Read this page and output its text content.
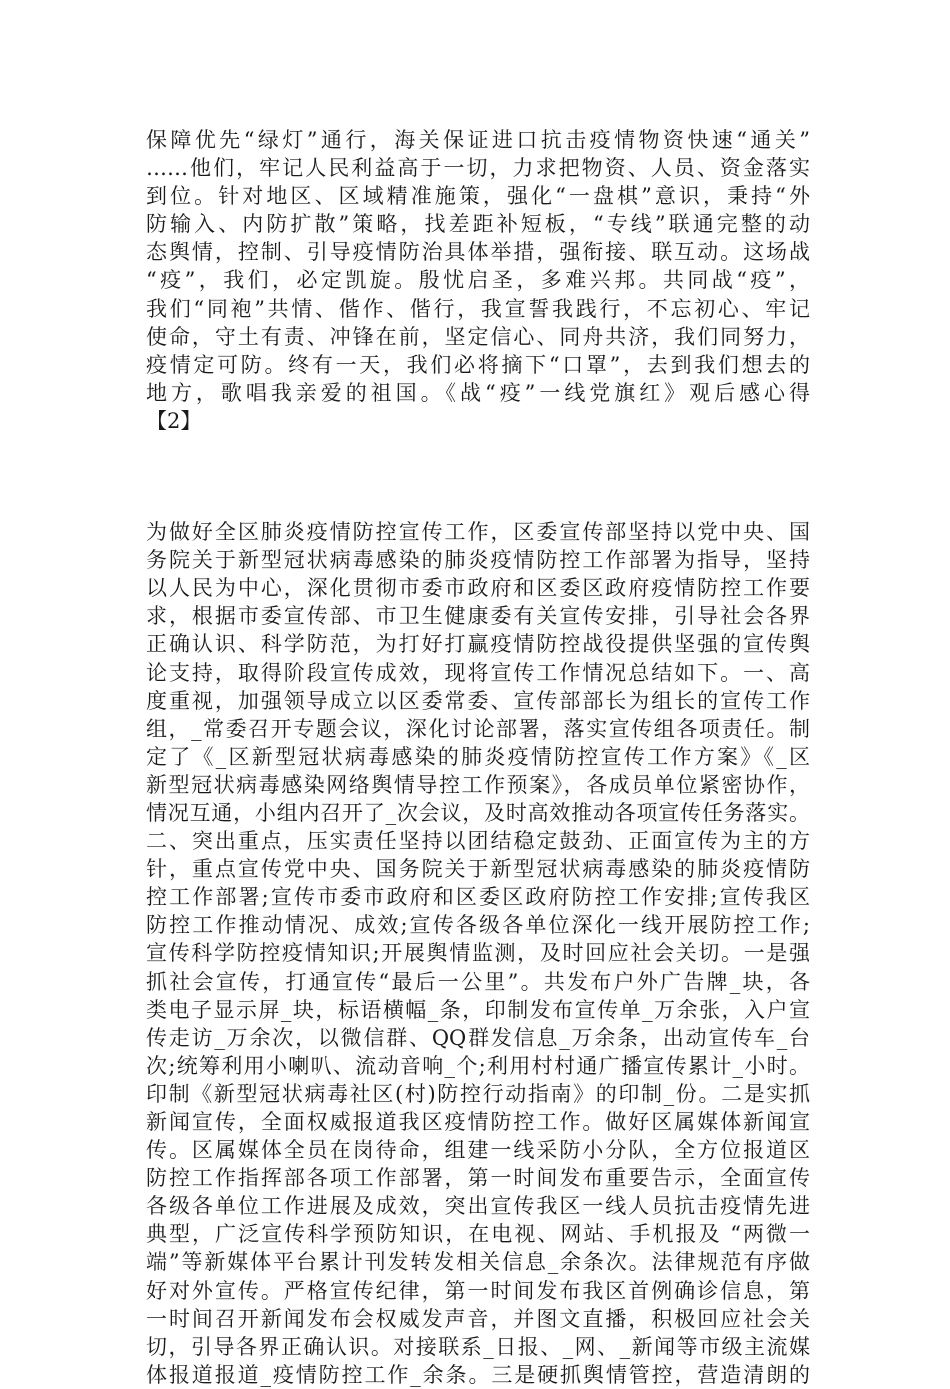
保障优先“绿灯”通行，海关保证进口抗击疫情物资快速“通关”
……他们，牢记人民利益高于一切，力求把物资、人员、资金落实
到位。针对地区、区域精准施策，强化“一盘棋”意识，秉持“外
防输入、内防扩散”策略，找差距补短板，“专线”联通完整的动
态舆情，控制、引导疫情防治具体举措，强衔接、联互动。这场战
“疫”，我们，必定凯旋。殷忧启圣，多难兴邦。共同战“疫”，
我们“同袍”共情、偕作、偕行，我宣誓我践行，不忘初心、牢记
使命，守土有责、冲锋在前，坚定信心、同舟共济，我们同努力，
疫情定可防。终有一天，我们必将摘下“口罩”，去到我们想去的
地方，歌唱我亲爱的祖国。《战“疫”一线党旗红》观后感心得
【2】
为做好全区肺炎疫情防控宣传工作，区委宣传部坚持以党中央、国
务院关于新型冠状病毒感染的肺炎疫情防控工作部署为指导，坚持
以人民为中心，深化贯彻市委市政府和区委区政府疫情防控工作要
求，根据市委宣传部、市卫生健康委有关宣传安排，引导社会各界
正确认识、科学防范，为打好打赢疫情防控战役提供坚强的宣传舆
论支持，取得阶段宣传成效，现将宣传工作情况总结如下。一、高
度重视，加强领导成立以区委常委、宣传部部长为组长的宣传工作
组，_常委召开专题会议，深化讨论部署，落实宣传组各项责任。制
定了《_区新型冠状病毒感染的肺炎疫情防控宣传工作方案》《_区
新型冠状病毒感染网络舆情导控工作预案》，各成员单位紧密协作，
情况互通，小组内召开了_次会议，及时高效推动各项宣传任务落实。
二、突出重点，压实责任坚持以团结稳定鼓劲、正面宣传为主的方
针，重点宣传党中央、国务院关于新型冠状病毒感染的肺炎疫情防
控工作部署;宣传市委市政府和区委区政府防控工作安排;宣传我区
防控工作推动情况、成效;宣传各级各单位深化一线开展防控工作;
宣传科学防控疫情知识;开展舆情监测，及时回应社会关切。一是强
抓社会宣传，打通宣传“最后一公里”。共发布户外广告牌_块，各
类电子显示屏_块，标语横幅_条，印制发布宣传单_万余张，入户宣
传走访_万余次，以微信群、QQ群发信息_万余条，出动宣传车_台
次;统筹利用小喇叭、流动音响_个;利用村村通广播宣传累计_小时。
印制《新型冠状病毒社区(村)防控行动指南》的印制_份。二是实抓
新闻宣传，全面权威报道我区疫情防控工作。做好区属媒体新闻宣
传。区属媒体全员在岗待命，组建一线采防小分队，全方位报道区
防控工作指挥部各项工作部署，第一时间发布重要告示，全面宣传
各级各单位工作进展及成效，突出宣传我区一线人员抗击疫情先进
典型，广泛宣传科学预防知识，在电视、网站、手机报及 “两微一
端”等新媒体平台累计刊发转发相关信息_余条次。法律规范有序做
好对外宣传。严格宣传纪律，第一时间发布我区首例确诊信息，第
一时间召开新闻发布会权威发声音，并图文直播，积极回应社会关
切，引导各界正确认识。对接联系_日报、_网、_新闻等市级主流媒
体报道报道_疫情防控工作_余条。三是硬抓舆情管控，营造清朗的
